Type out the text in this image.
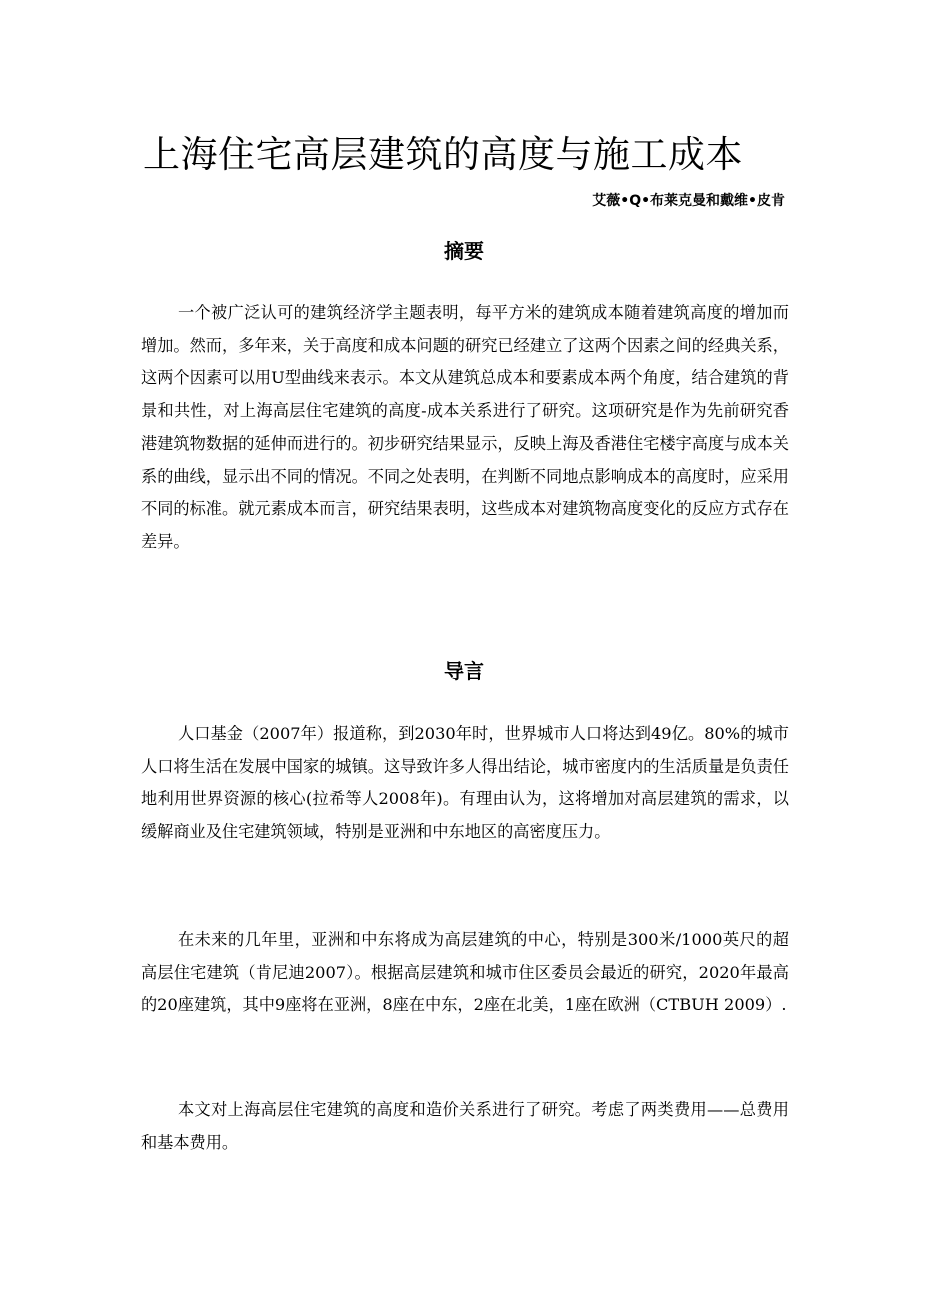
上海住宅高层建筑的高度与施工成本

艾薇•Q•布莱克曼和戴维•皮肯

摘要

一个被广泛认可的建筑经济学主题表明，每平方米的建筑成本随着建筑高度的增加而增加。然而，多年来，关于高度和成本问题的研究已经建立了这两个因素之间的经典关系，这两个因素可以用U型曲线来表示。本文从建筑总成本和要素成本两个角度，结合建筑的背景和共性，对上海高层住宅建筑的高度-成本关系进行了研究。这项研究是作为先前研究香港建筑物数据的延伸而进行的。初步研究结果显示，反映上海及香港住宅楼宇高度与成本关系的曲线，显示出不同的情况。不同之处表明，在判断不同地点影响成本的高度时，应采用不同的标准。就元素成本而言，研究结果表明，这些成本对建筑物高度变化的反应方式存在差异。

导言

人口基金（2007年）报道称，到2030年时，世界城市人口将达到49亿。80%的城市人口将生活在发展中国家的城镇。这导致许多人得出结论，城市密度内的生活质量是负责任地利用世界资源的核心(拉希等人2008年)。有理由认为，这将增加对高层建筑的需求，以缓解商业及住宅建筑领域，特别是亚洲和中东地区的高密度压力。

在未来的几年里，亚洲和中东将成为高层建筑的中心，特别是300米/1000英尺的超高层住宅建筑（肯尼迪2007）。根据高层建筑和城市住区委员会最近的研究，2020年最高的20座建筑，其中9座将在亚洲，8座在中东，2座在北美，1座在欧洲（CTBUH 2009）.

本文对上海高层住宅建筑的高度和造价关系进行了研究。考虑了两类费用——总费用和基本费用。
